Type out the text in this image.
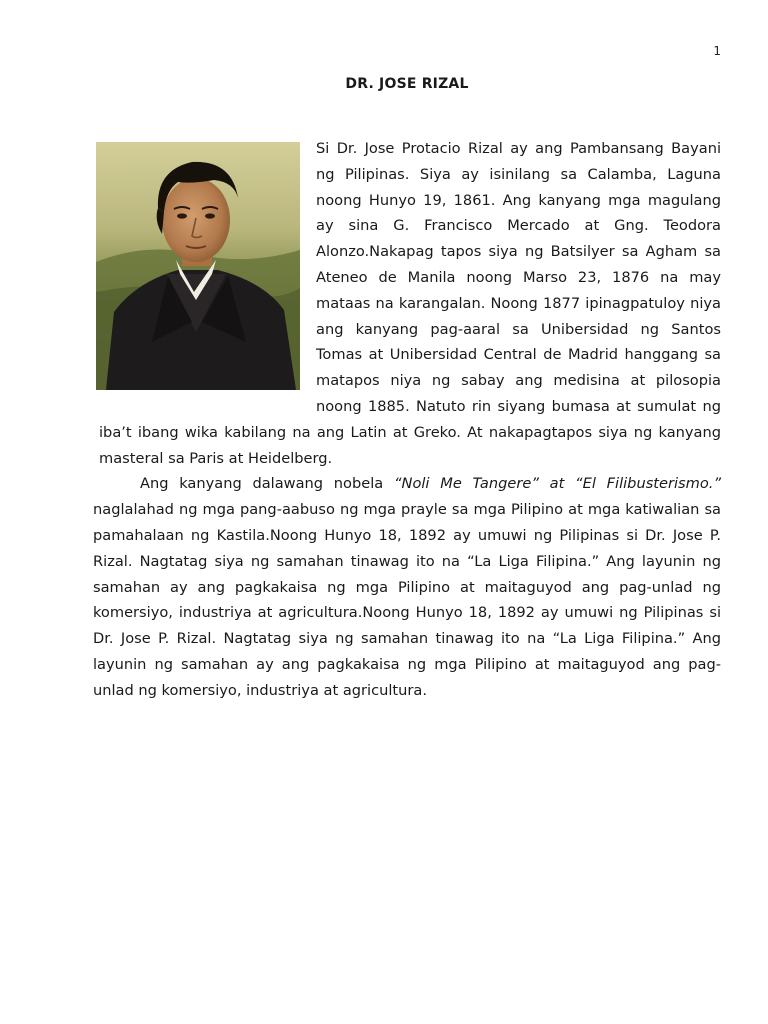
1
DR. JOSE RIZAL

Si Dr. Jose Protacio Rizal ay ang Pambansang Bayani ng Pilipinas. Siya ay isinilang sa Calamba, Laguna noong Hunyo 19, 1861. Ang kanyang mga magulang ay sina G. Francisco Mercado at Gng. Teodora Alonzo.Nakapag tapos siya ng Batsilyer sa Agham sa Ateneo de Manila noong Marso 23, 1876 na may mataas na karangalan. Noong 1877 ipinagpatuloy niya ang kanyang pag-aaral sa Unibersidad ng Santos Tomas at Unibersidad Central de Madrid hanggang sa matapos niya ng sabay ang medisina at pilosopia noong 1885. Natuto rin siyang bumasa at sumulat ng iba’t ibang wika kabilang na ang Latin at Greko. At nakapagtapos siya ng kanyang masteral sa Paris at Heidelberg.

Ang kanyang dalawang nobela “Noli Me Tangere” at “El Filibusterismo.” naglalahad ng mga pang-aabuso ng mga prayle sa mga Pilipino at mga katiwalian sa pamahalaan ng Kastila.Noong Hunyo 18, 1892 ay umuwi ng Pilipinas si Dr. Jose P. Rizal. Nagtatag siya ng samahan tinawag ito na “La Liga Filipina.” Ang layunin ng samahan ay ang pagkakaisa ng mga Pilipino at maitaguyod ang pag-unlad ng komersiyo, industriya at agricultura.Noong Hunyo 18, 1892 ay umuwi ng Pilipinas si Dr. Jose P. Rizal. Nagtatag siya ng samahan tinawag ito na “La Liga Filipina.” Ang layunin ng samahan ay ang pagkakaisa ng mga Pilipino at maitaguyod ang pag-unlad ng komersiyo, industriya at agricultura.
